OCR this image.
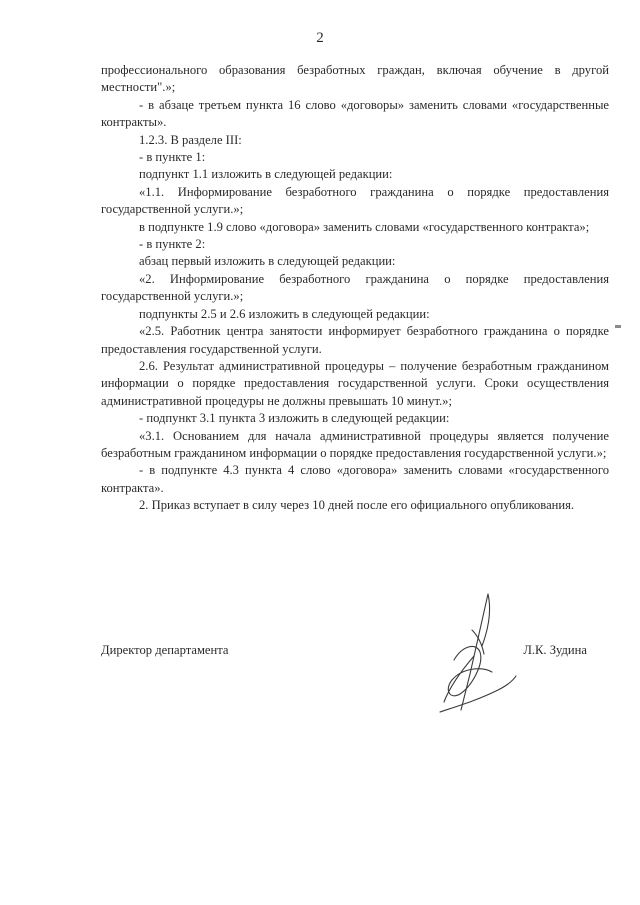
2

профессионального образования безработных граждан, включая обучение в другой местности".»;

- в абзаце третьем пункта 16 слово «договоры» заменить словами «государственные контракты».

1.2.3. В разделе III:

- в пункте 1:

подпункт 1.1 изложить в следующей редакции:

«1.1. Информирование безработного гражданина о порядке предоставления государственной услуги.»;

в подпункте 1.9 слово «договора» заменить словами «государственного контракта»;

- в пункте 2:

абзац первый изложить в следующей редакции:

«2. Информирование безработного гражданина о порядке предоставления государственной услуги.»;

подпункты 2.5 и 2.6 изложить в следующей редакции:

«2.5. Работник центра занятости информирует безработного гражданина о порядке предоставления государственной услуги.

2.6. Результат административной процедуры – получение безработным гражданином информации о порядке предоставления государственной услуги. Сроки осуществления административной процедуры не должны превышать 10 минут.»;

- подпункт 3.1 пункта 3 изложить в следующей редакции:

«3.1. Основанием для начала административной процедуры является получение безработным гражданином информации о порядке предоставления государственной услуги.»;

- в подпункте 4.3 пункта 4 слово «договора» заменить словами «государственного контракта».

2. Приказ вступает в силу через 10 дней после его официального опубликования.

Директор департамента	Л.К. Зудина
